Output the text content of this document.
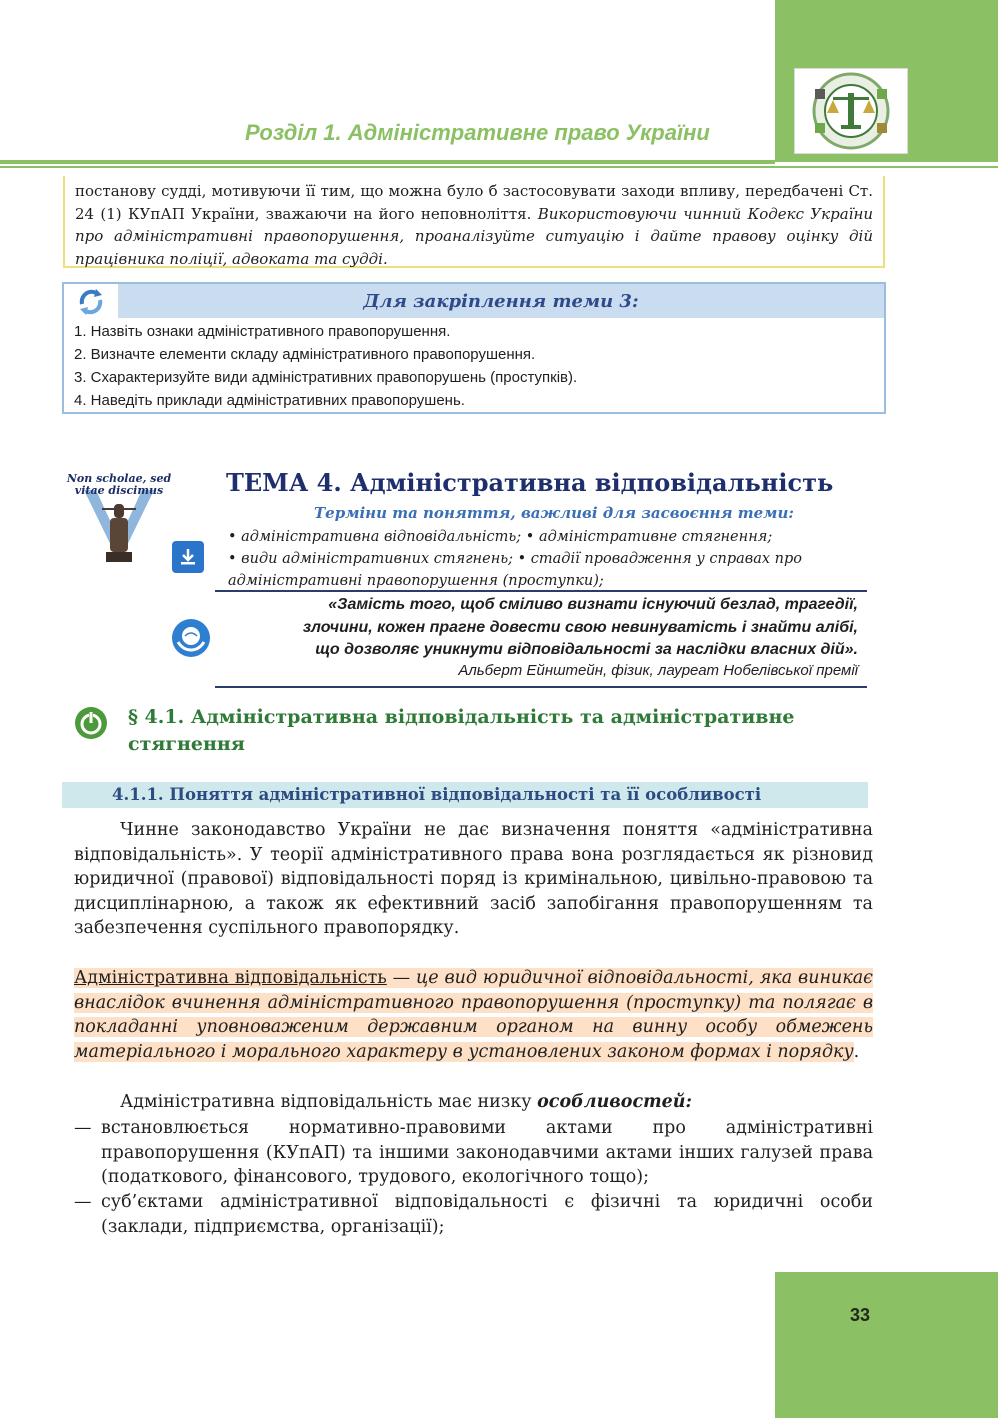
Розділ 1. Адміністративне право України
постанову судді, мотивуючи її тим, що можна було б застосовувати заходи впливу, передбачені Ст. 24 (1) КУпАП України, зважаючи на його неповноліття. Використовуючи чинний Кодекс України про адміністративні правопорушення, проаналізуйте ситуацію і дайте правову оцінку дій працівника поліції, адвоката та судді.
Для закріплення теми 3:
1. Назвіть ознаки адміністративного правопорушення.
2. Визначте елементи складу адміністративного правопорушення.
3. Схарактеризуйте види адміністративних правопорушень (проступків).
4. Наведіть приклади адміністративних правопорушень.
Non scholae, sed
vitae discimus	ТЕМА 4. Адміністративна відповідальність
Терміни та поняття, важливі для засвоєння теми:
• адміністративна відповідальність; • адміністративне стягнення;
• види адміністративних стягнень; • стадії провадження у справах про
адміністративні правопорушення (проступки);
«Замість того, щоб сміливо визнати існуючий безлад, трагедії,
злочини, кожен прагне довести свою невинуватість і знайти алібі,
що дозволяє уникнути відповідальності за наслідки власних дій».
Альберт Ейнштейн, фізик, лауреат Нобелівської премії
§ 4.1. Адміністративна відповідальність та адміністративне стягнення
4.1.1. Поняття адміністративної відповідальності та її особливості
Чинне законодавство України не дає визначення поняття «адміністративна відповідальність». У теорії адміністративного права вона розглядається як різновид юридичної (правової) відповідальності поряд із кримінальною, цивільно-правовою та дисциплінарною, а також як ефективний засіб запобігання правопорушенням та забезпечення суспільного правопорядку.
Адміністративна відповідальність — це вид юридичної відповідальності, яка виникає внаслідок вчинення адміністративного правопорушення (проступку) та полягає в покладанні уповноваженим державним органом на винну особу обмежень матеріального і морального характеру в установлених законом формах і порядку.
Адміністративна відповідальність має низку особливостей:
— встановлюється нормативно-правовими актами про адміністративні правопорушення (КУпАП) та іншими законодавчими актами інших галузей права (податкового, фінансового, трудового, екологічного тощо);
— суб’єктами адміністративної відповідальності є фізичні та юридичні особи (заклади, підприємства, організації);
33
